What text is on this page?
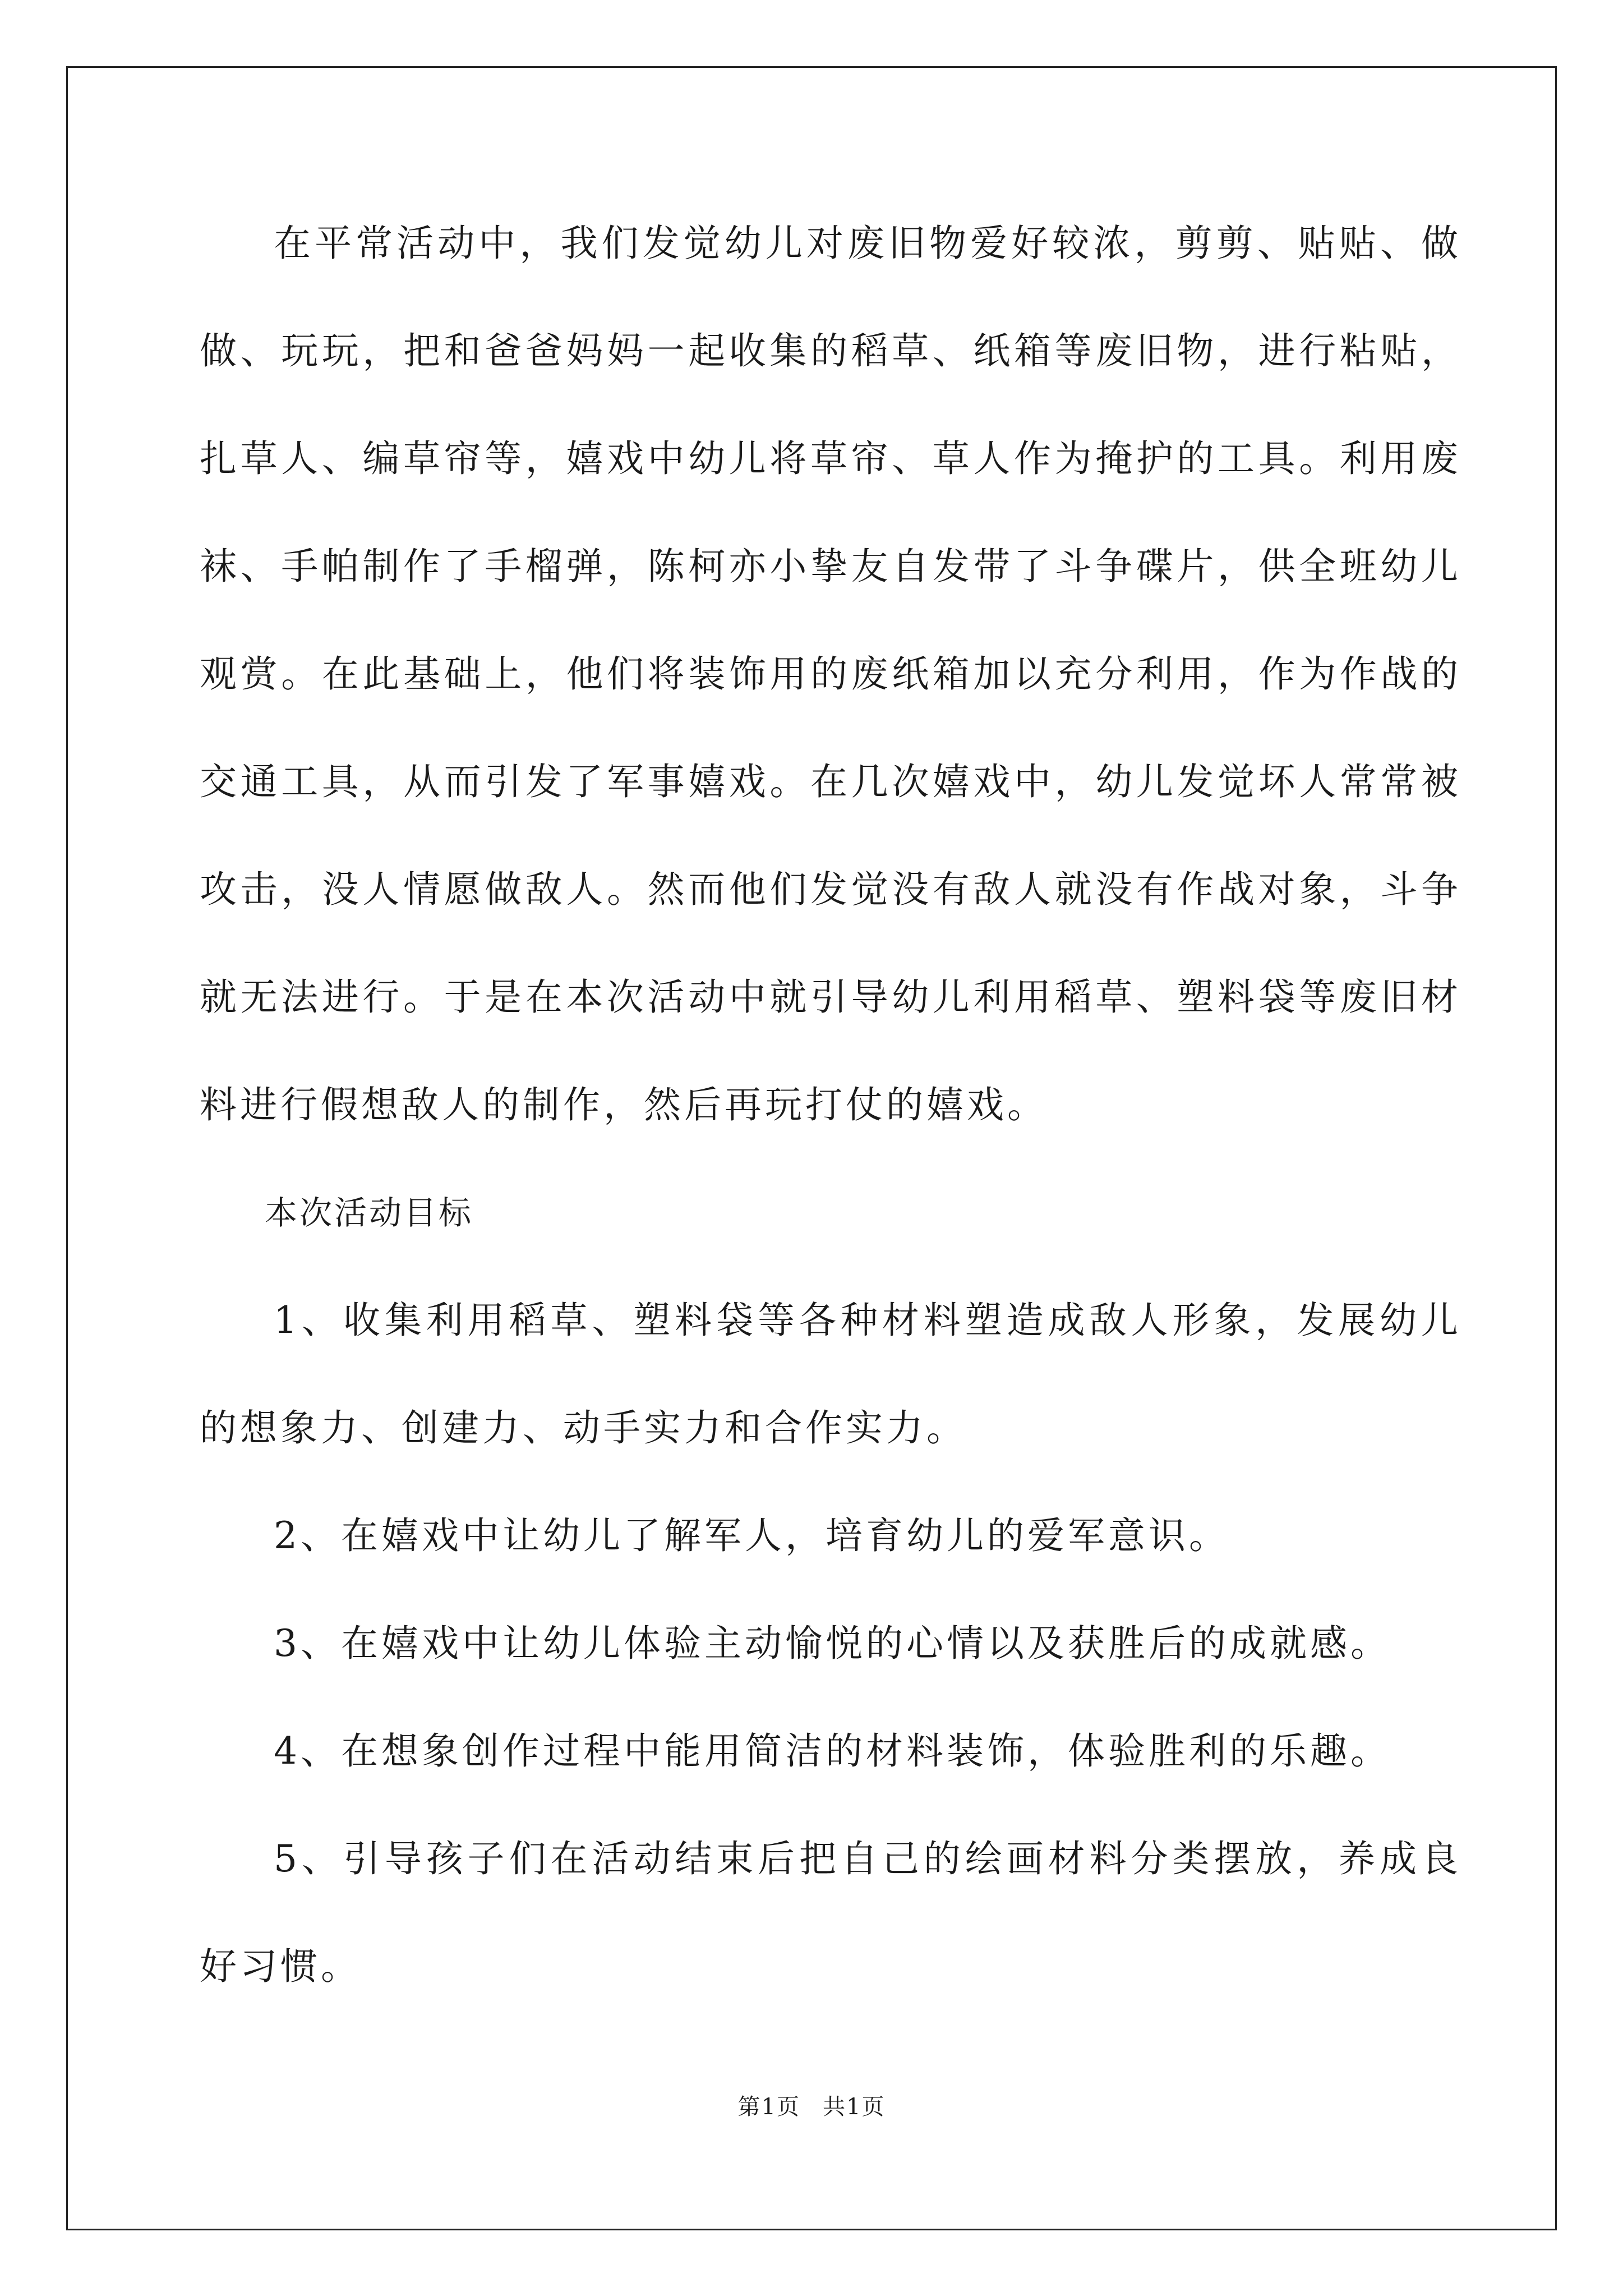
在平常活动中，我们发觉幼儿对废旧物爱好较浓，剪剪、贴贴、做做、玩玩，把和爸爸妈妈一起收集的稻草、纸箱等废旧物，进行粘贴，扎草人、编草帘等，嬉戏中幼儿将草帘、草人作为掩护的工具。利用废袜、手帕制作了手榴弹，陈柯亦小挚友自发带了斗争碟片，供全班幼儿观赏。在此基础上，他们将装饰用的废纸箱加以充分利用，作为作战的交通工具，从而引发了军事嬉戏。在几次嬉戏中，幼儿发觉坏人常常被攻击，没人情愿做敌人。然而他们发觉没有敌人就没有作战对象，斗争就无法进行。于是在本次活动中就引导幼儿利用稻草、塑料袋等废旧材料进行假想敌人的制作，然后再玩打仗的嬉戏。

本次活动目标

1、收集利用稻草、塑料袋等各种材料塑造成敌人形象，发展幼儿的想象力、创建力、动手实力和合作实力。

2、在嬉戏中让幼儿了解军人，培育幼儿的爱军意识。

3、在嬉戏中让幼儿体验主动愉悦的心情以及获胜后的成就感。

4、在想象创作过程中能用简洁的材料装饰，体验胜利的乐趣。

5、引导孩子们在活动结束后把自己的绘画材料分类摆放，养成良好习惯。

第1页 共1页
